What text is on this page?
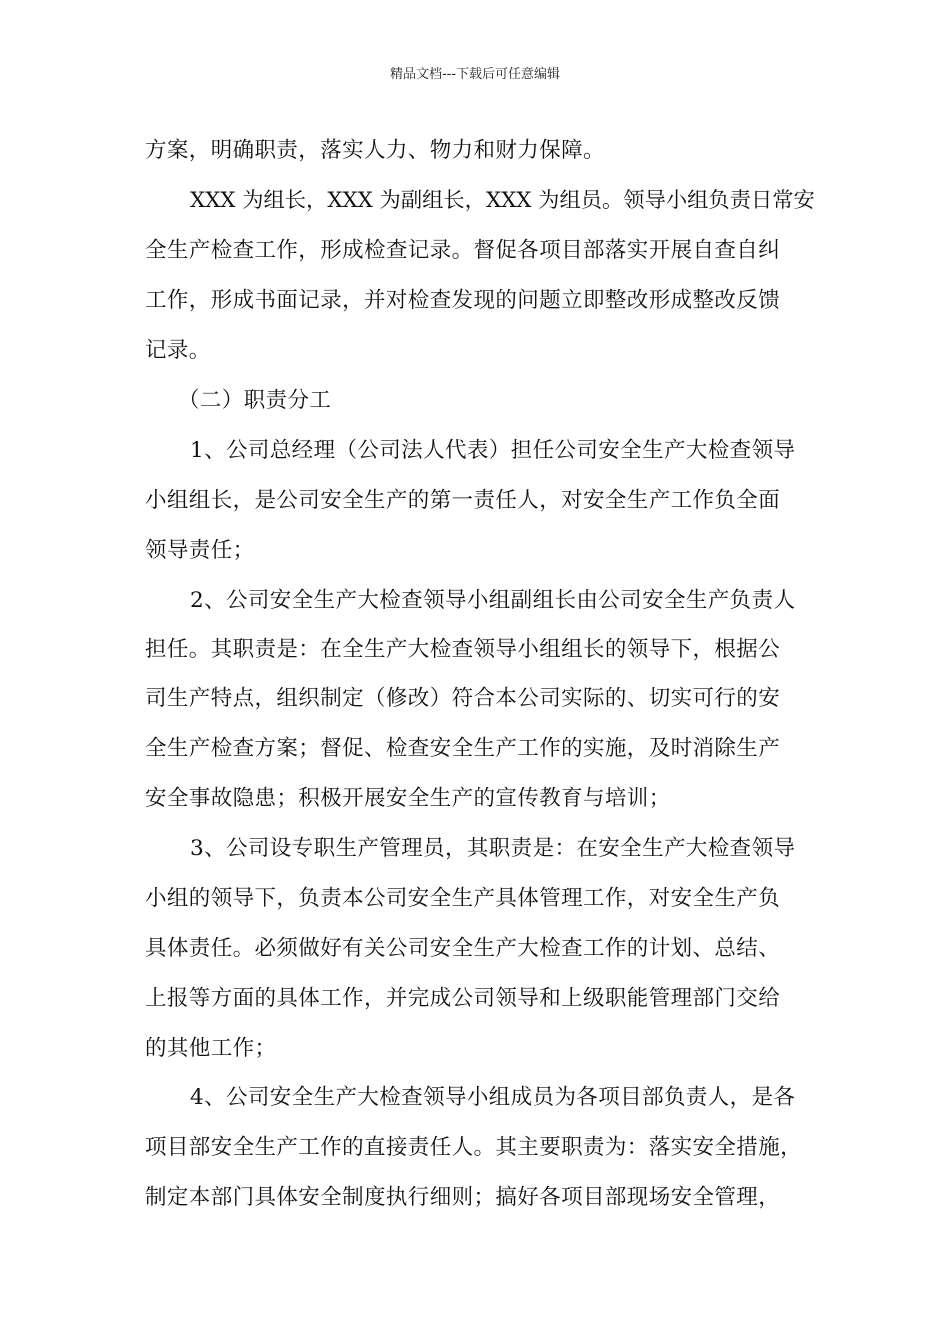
精品文档---下载后可任意编辑
方案，明确职责，落实人力、物力和财力保障。
XXX 为组长，XXX 为副组长，XXX 为组员。领导小组负责日常安
全生产检查工作，形成检查记录。督促各项目部落实开展自查自纠
工作，形成书面记录，并对检查发现的问题立即整改形成整改反馈
记录。
（二）职责分工
1、公司总经理（公司法人代表）担任公司安全生产大检查领导
小组组长，是公司安全生产的第一责任人，对安全生产工作负全面
领导责任；
2、公司安全生产大检查领导小组副组长由公司安全生产负责人
担任。其职责是：在全生产大检查领导小组组长的领导下，根据公
司生产特点，组织制定（修改）符合本公司实际的、切实可行的安
全生产检查方案；督促、检查安全生产工作的实施，及时消除生产
安全事故隐患；积极开展安全生产的宣传教育与培训；
3、公司设专职生产管理员，其职责是：在安全生产大检查领导
小组的领导下，负责本公司安全生产具体管理工作，对安全生产负
具体责任。必须做好有关公司安全生产大检查工作的计划、总结、
上报等方面的具体工作，并完成公司领导和上级职能管理部门交给
的其他工作；
4、公司安全生产大检查领导小组成员为各项目部负责人，是各
项目部安全生产工作的直接责任人。其主要职责为：落实安全措施，
制定本部门具体安全制度执行细则；搞好各项目部现场安全管理，
